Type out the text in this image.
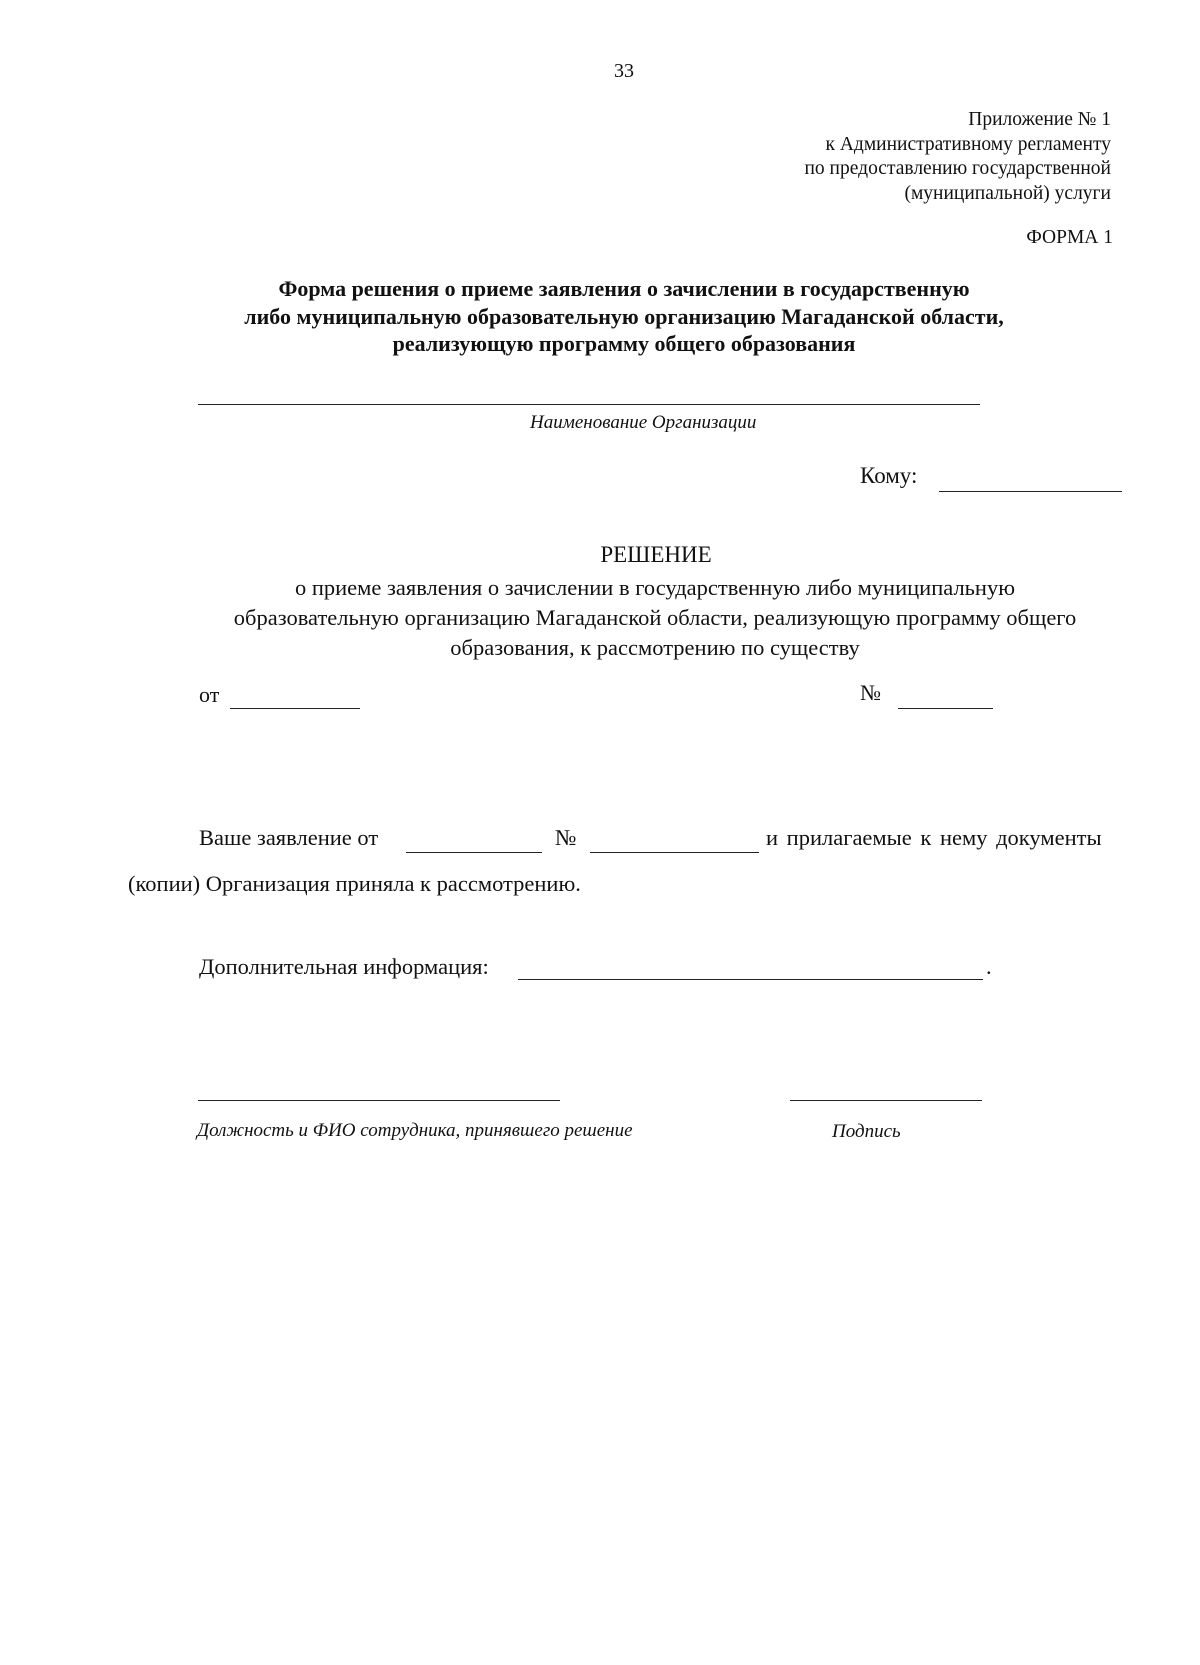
33
Приложение № 1
к Административному регламенту
по предоставлению государственной
(муниципальной) услуги
ФОРМА 1
Форма решения о приеме заявления о зачислении в государственную
либо муниципальную образовательную организацию Магаданской области,
реализующую программу общего образования
Наименование Организации
Кому:
РЕШЕНИЕ
о приеме заявления о зачислении в государственную либо муниципальную
образовательную организацию Магаданской области, реализующую программу общего
образования, к рассмотрению по существу
от	№
Ваше заявление от	№	и прилагаемые к нему документы
(копии) Организация приняла к рассмотрению.
Дополнительная информация:	.
Должность и ФИО сотрудника, принявшего решение	Подпись
